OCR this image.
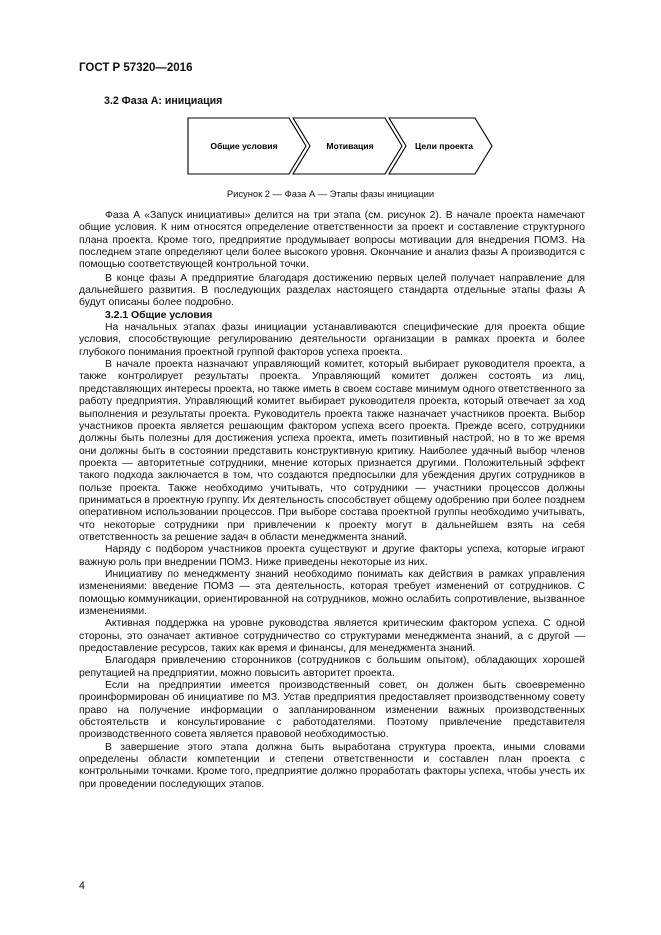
ГОСТ Р 57320—2016
3.2 Фаза А: инициация
Общие условия	Мотивация	Цели проекта
Рисунок 2 — Фаза А — Этапы фазы инициации

Фаза А «Запуск инициативы» делится на три этапа (см. рисунок 2). В начале проекта намечают общие условия. К ним относятся определение ответственности за проект и составление структурного плана проекта. Кроме того, предприятие продумывает вопросы мотивации для внедрения ПОМЗ. На последнем этапе определяют цели более высокого уровня. Окончание и анализ фазы А производится с помощью соответствующей контрольной точки.

В конце фазы А предприятие благодаря достижению первых целей получает направление для дальнейшего развития. В последующих разделах настоящего стандарта отдельные этапы фазы А будут описаны более подробно.

3.2.1 Общие условия

На начальных этапах фазы инициации устанавливаются специфические для проекта общие условия, способствующие регулированию деятельности организации в рамках проекта и более глубокого понимания проектной группой факторов успеха проекта.

В начале проекта назначают управляющий комитет, который выбирает руководителя проекта, а также контролирует результаты проекта. Управляющий комитет должен состоять из лиц, представляющих интересы проекта, но также иметь в своем составе минимум одного ответственного за работу предприятия. Управляющий комитет выбирает руководителя проекта, который отвечает за ход выполнения и результаты проекта. Руководитель проекта также назначает участников проекта. Выбор участников проекта является решающим фактором успеха всего проекта. Прежде всего, сотрудники должны быть полезны для достижения успеха проекта, иметь позитивный настрой, но в то же время они должны быть в состоянии представить конструктивную критику. Наиболее удачный выбор членов проекта — авторитетные сотрудники, мнение которых признается другими. Положительный эффект такого подхода заключается в том, что создаются предпосылки для убеждения других сотрудников в пользе проекта. Также необходимо учитывать, что сотрудники — участники процессов должны приниматься в проектную группу. Их деятельность способствует общему одобрению при более позднем оперативном использовании процессов. При выборе состава проектной группы необходимо учитывать, что некоторые сотрудники при привлечении к проекту могут в дальнейшем взять на себя ответственность за решение задач в области менеджмента знаний.

Наряду с подбором участников проекта существуют и другие факторы успеха, которые играют важную роль при внедрении ПОМЗ. Ниже приведены некоторые из них.

Инициативу по менеджменту знаний необходимо понимать как действия в рамках управления изменениями: введение ПОМЗ — эта деятельность, которая требует изменений от сотрудников. С помощью коммуникации, ориентированной на сотрудников, можно ослабить сопротивление, вызванное изменениями.

Активная поддержка на уровне руководства является критическим фактором успеха. С одной стороны, это означает активное сотрудничество со структурами менеджмента знаний, а с другой — предоставление ресурсов, таких как время и финансы, для менеджмента знаний.

Благодаря привлечению сторонников (сотрудников с большим опытом), обладающих хорошей репутацией на предприятии, можно повысить авторитет проекта.

Если на предприятии имеется производственный совет, он должен быть своевременно проинформирован об инициативе по МЗ. Устав предприятия предоставляет производственному совету право на получение информации о запланированном изменении важных производственных обстоятельств и консультирование с работодателями. Поэтому привлечение представителя производственного совета является правовой необходимостью.

В завершение этого этапа должна быть выработана структура проекта, иными словами определены области компетенции и степени ответственности и составлен план проекта с контрольными точками. Кроме того, предприятие должно проработать факторы успеха, чтобы учесть их при проведении последующих этапов.

4
